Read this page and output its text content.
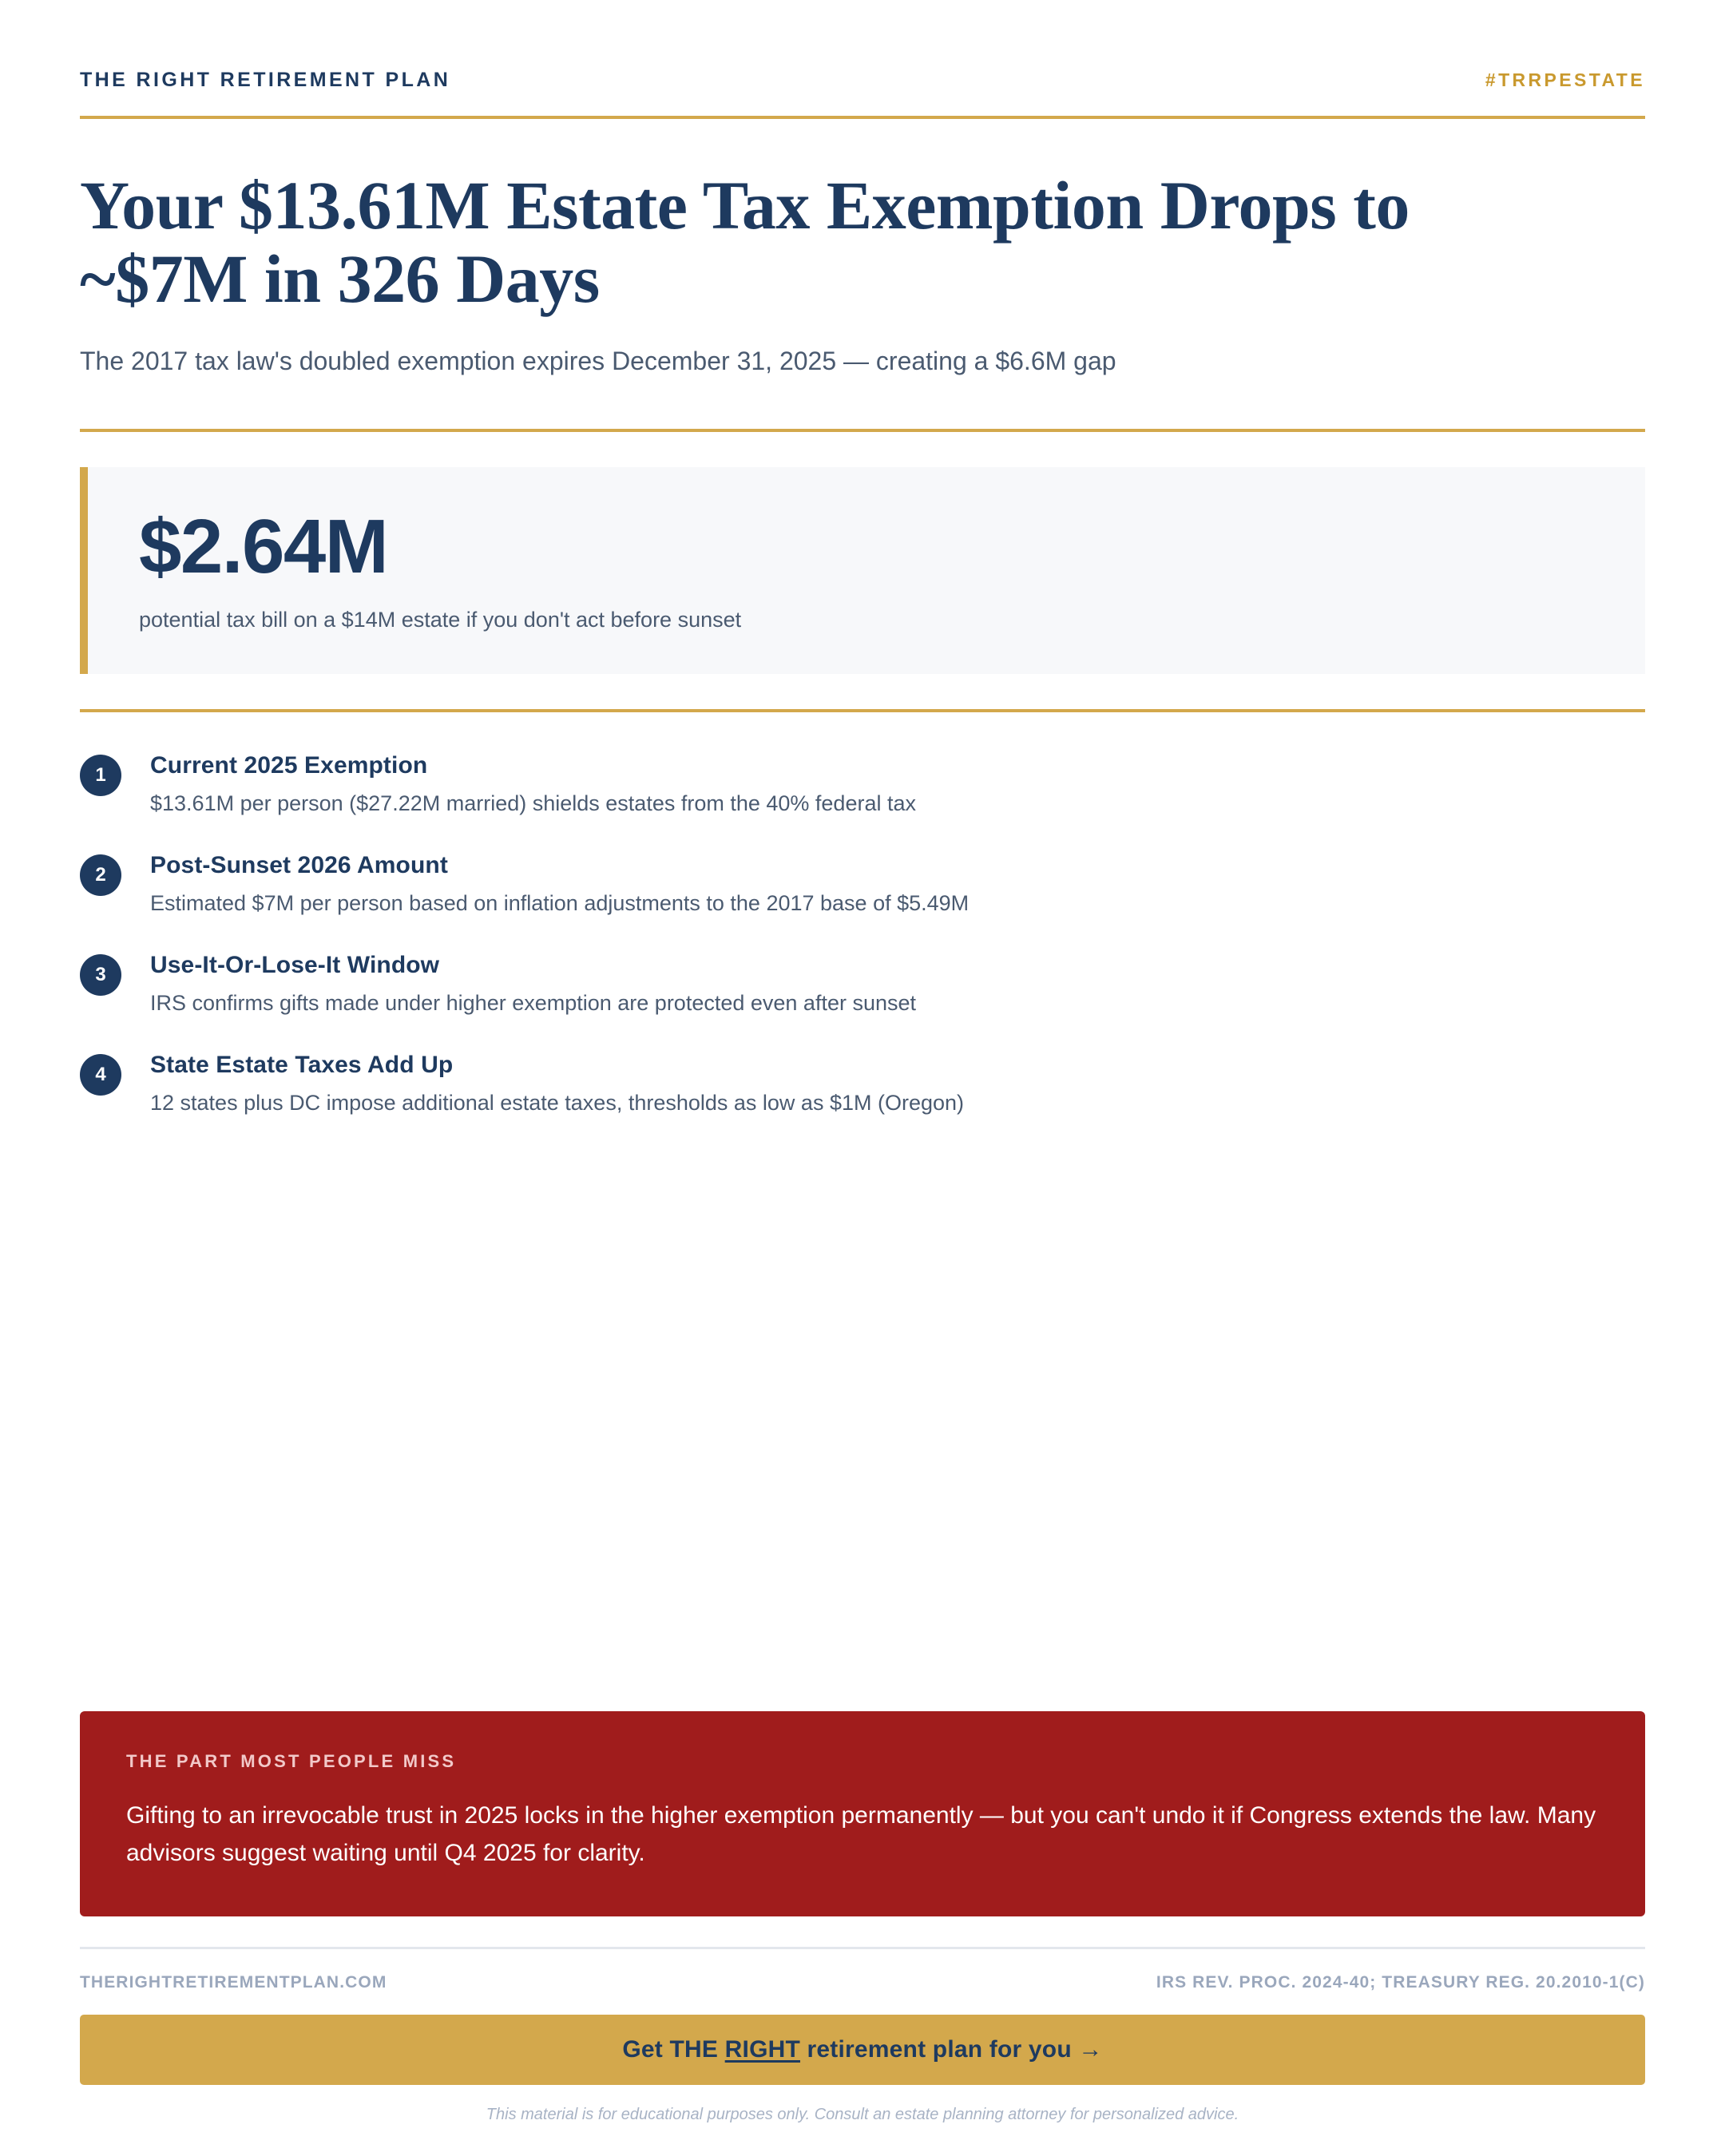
THE RIGHT RETIREMENT PLAN	#TRRPESTATE
Your $13.61M Estate Tax Exemption Drops to ~$7M in 326 Days

The 2017 tax law's doubled exemption expires December 31, 2025 — creating a $6.6M gap

$2.64M
potential tax bill on a $14M estate if you don't act before sunset
1	Current 2025 Exemption
$13.61M per person ($27.22M married) shields estates from the 40% federal tax
2	Post-Sunset 2026 Amount
Estimated $7M per person based on inflation adjustments to the 2017 base of $5.49M
3	Use-It-Or-Lose-It Window
IRS confirms gifts made under higher exemption are protected even after sunset
4	State Estate Taxes Add Up
12 states plus DC impose additional estate taxes, thresholds as low as $1M (Oregon)
THE PART MOST PEOPLE MISS
Gifting to an irrevocable trust in 2025 locks in the higher exemption permanently — but you can't undo it if Congress extends the law. Many advisors suggest waiting until Q4 2025 for clarity.
THERIGHTRETIREMENTPLAN.COM	IRS REV. PROC. 2024-40; TREASURY REG. 20.2010-1(C)
Get THE RIGHT retirement plan for you →
This material is for educational purposes only. Consult an estate planning attorney for personalized advice.
